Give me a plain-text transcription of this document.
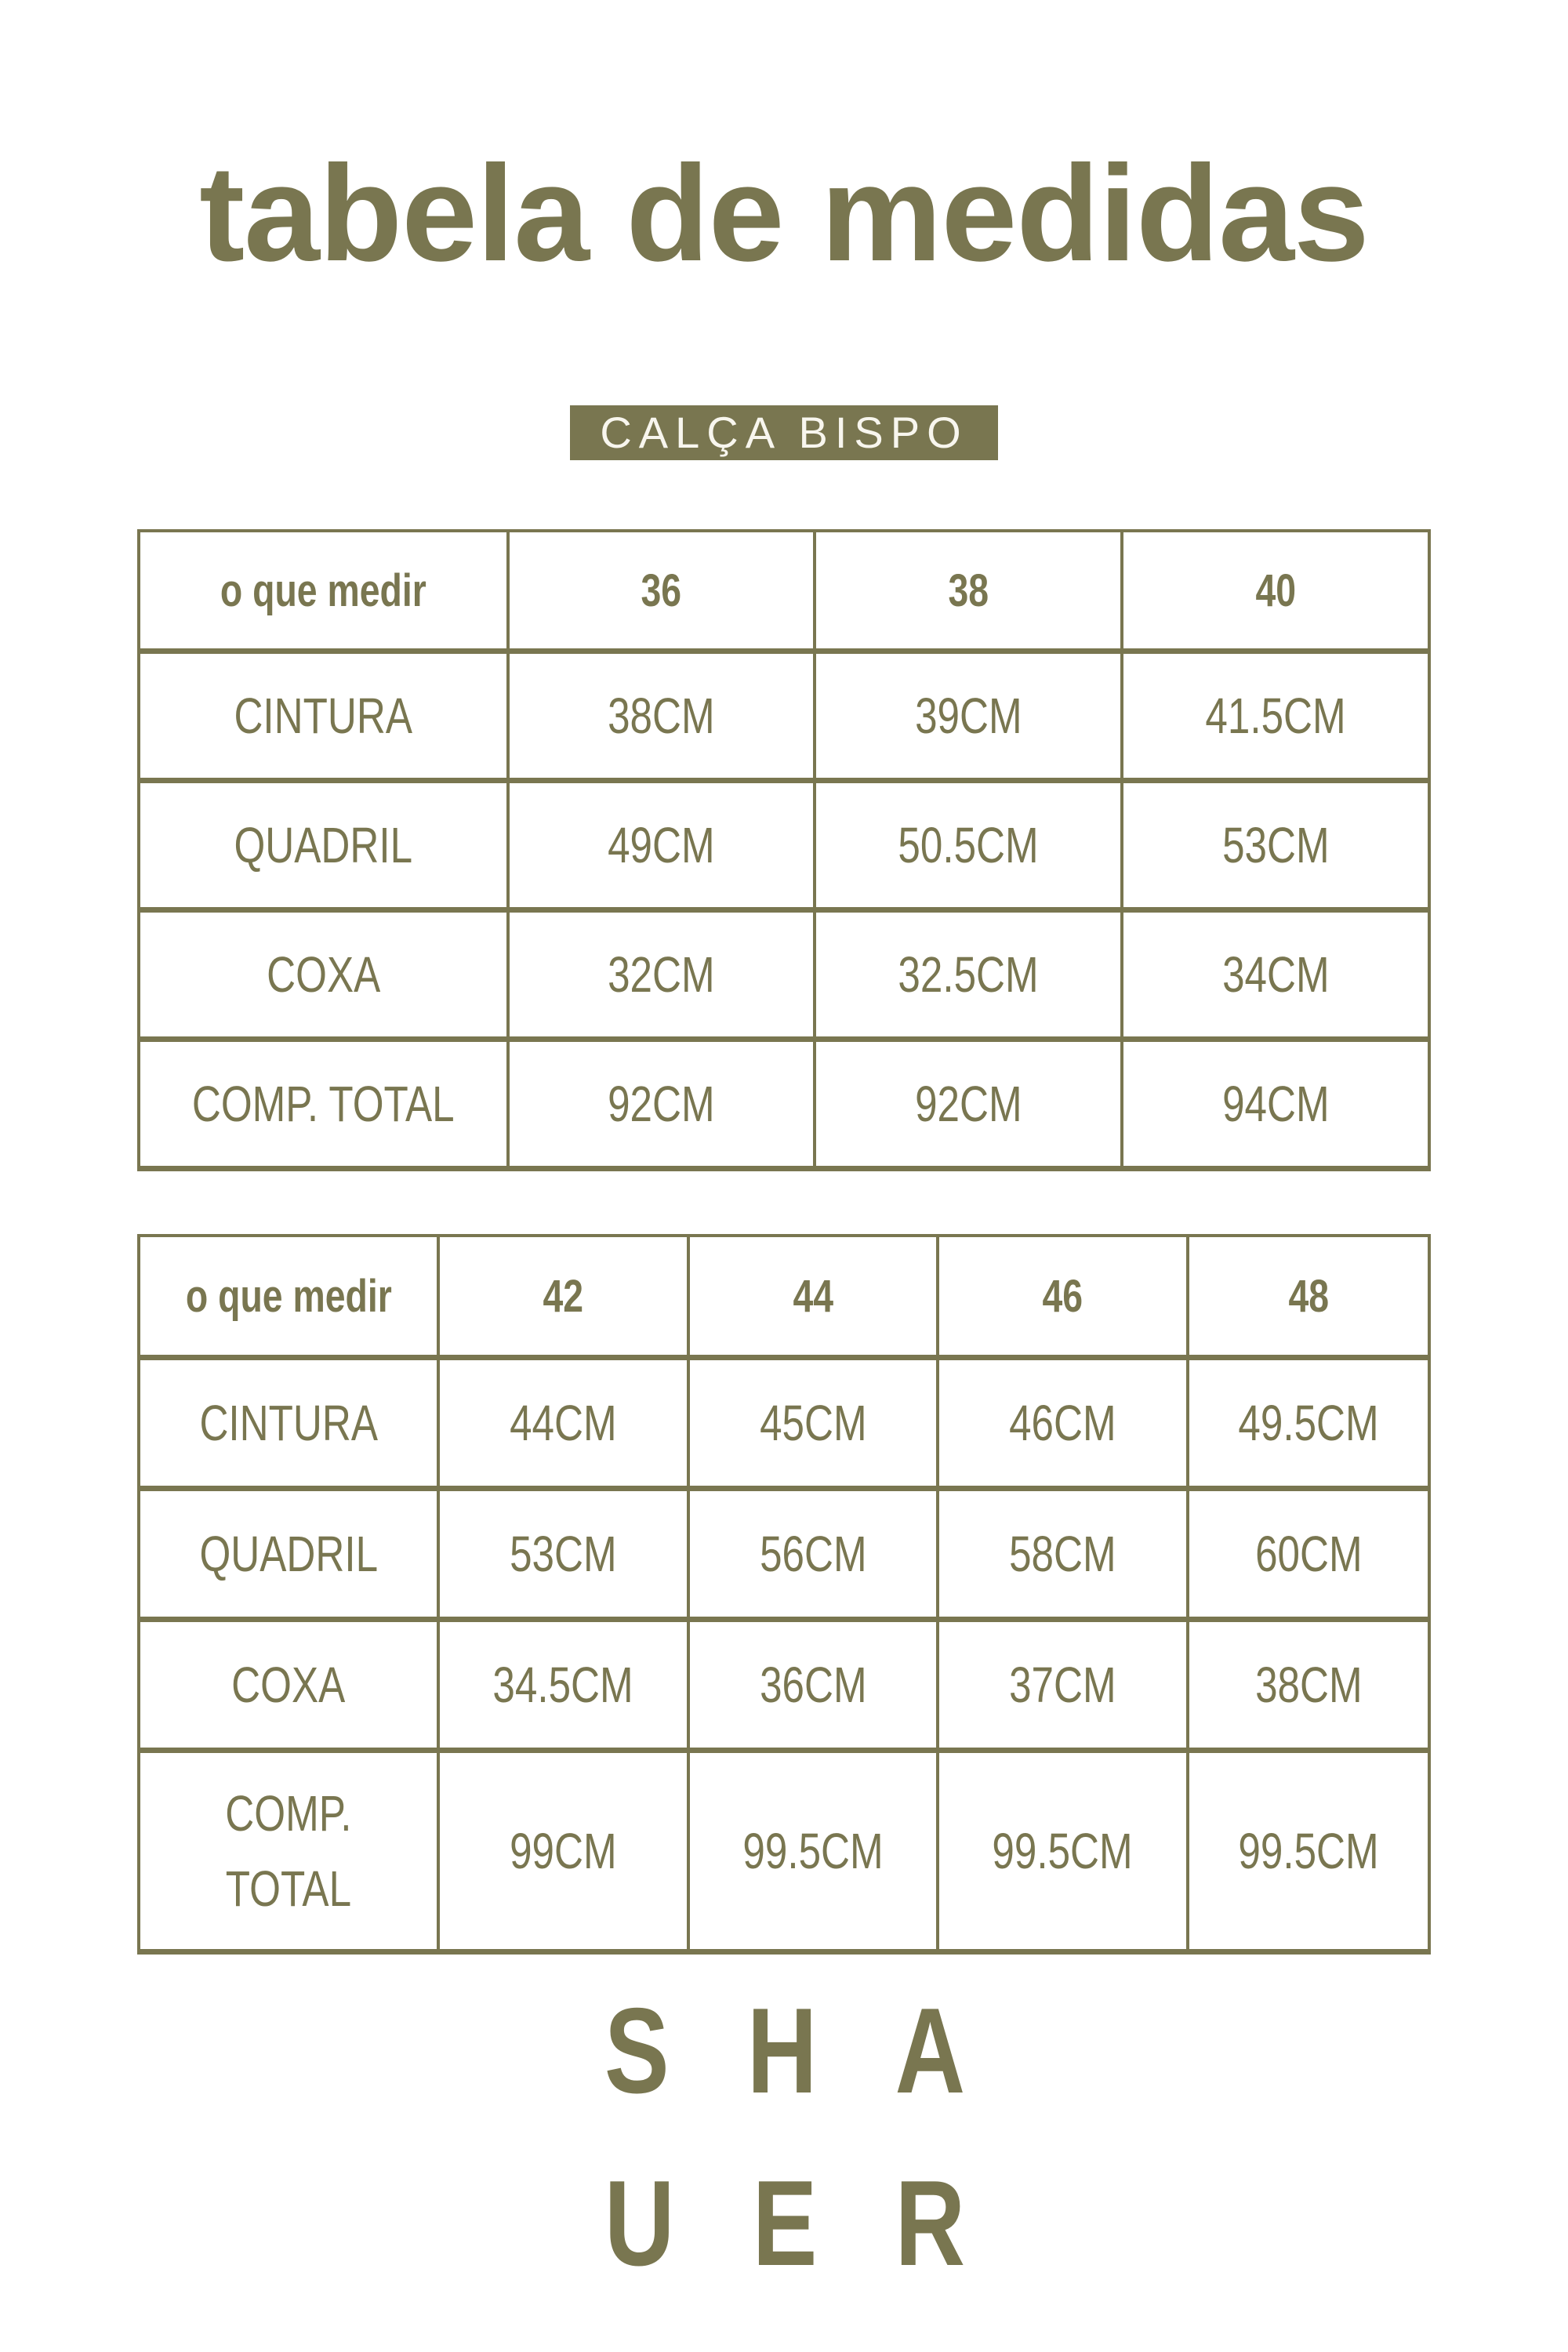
tabela de medidas
CALÇA BISPO
o que medir	36	38	40
CINTURA	38CM	39CM	41.5CM
QUADRIL	49CM	50.5CM	53CM
COXA	32CM	32.5CM	34CM
COMP. TOTAL	92CM	92CM	94CM
o que medir	42	44	46	48
CINTURA	44CM	45CM	46CM	49.5CM
QUADRIL	53CM	56CM	58CM	60CM
COXA	34.5CM	36CM	37CM	38CM
COMP. TOTAL	99CM	99.5CM	99.5CM	99.5CM
SHA
UER
